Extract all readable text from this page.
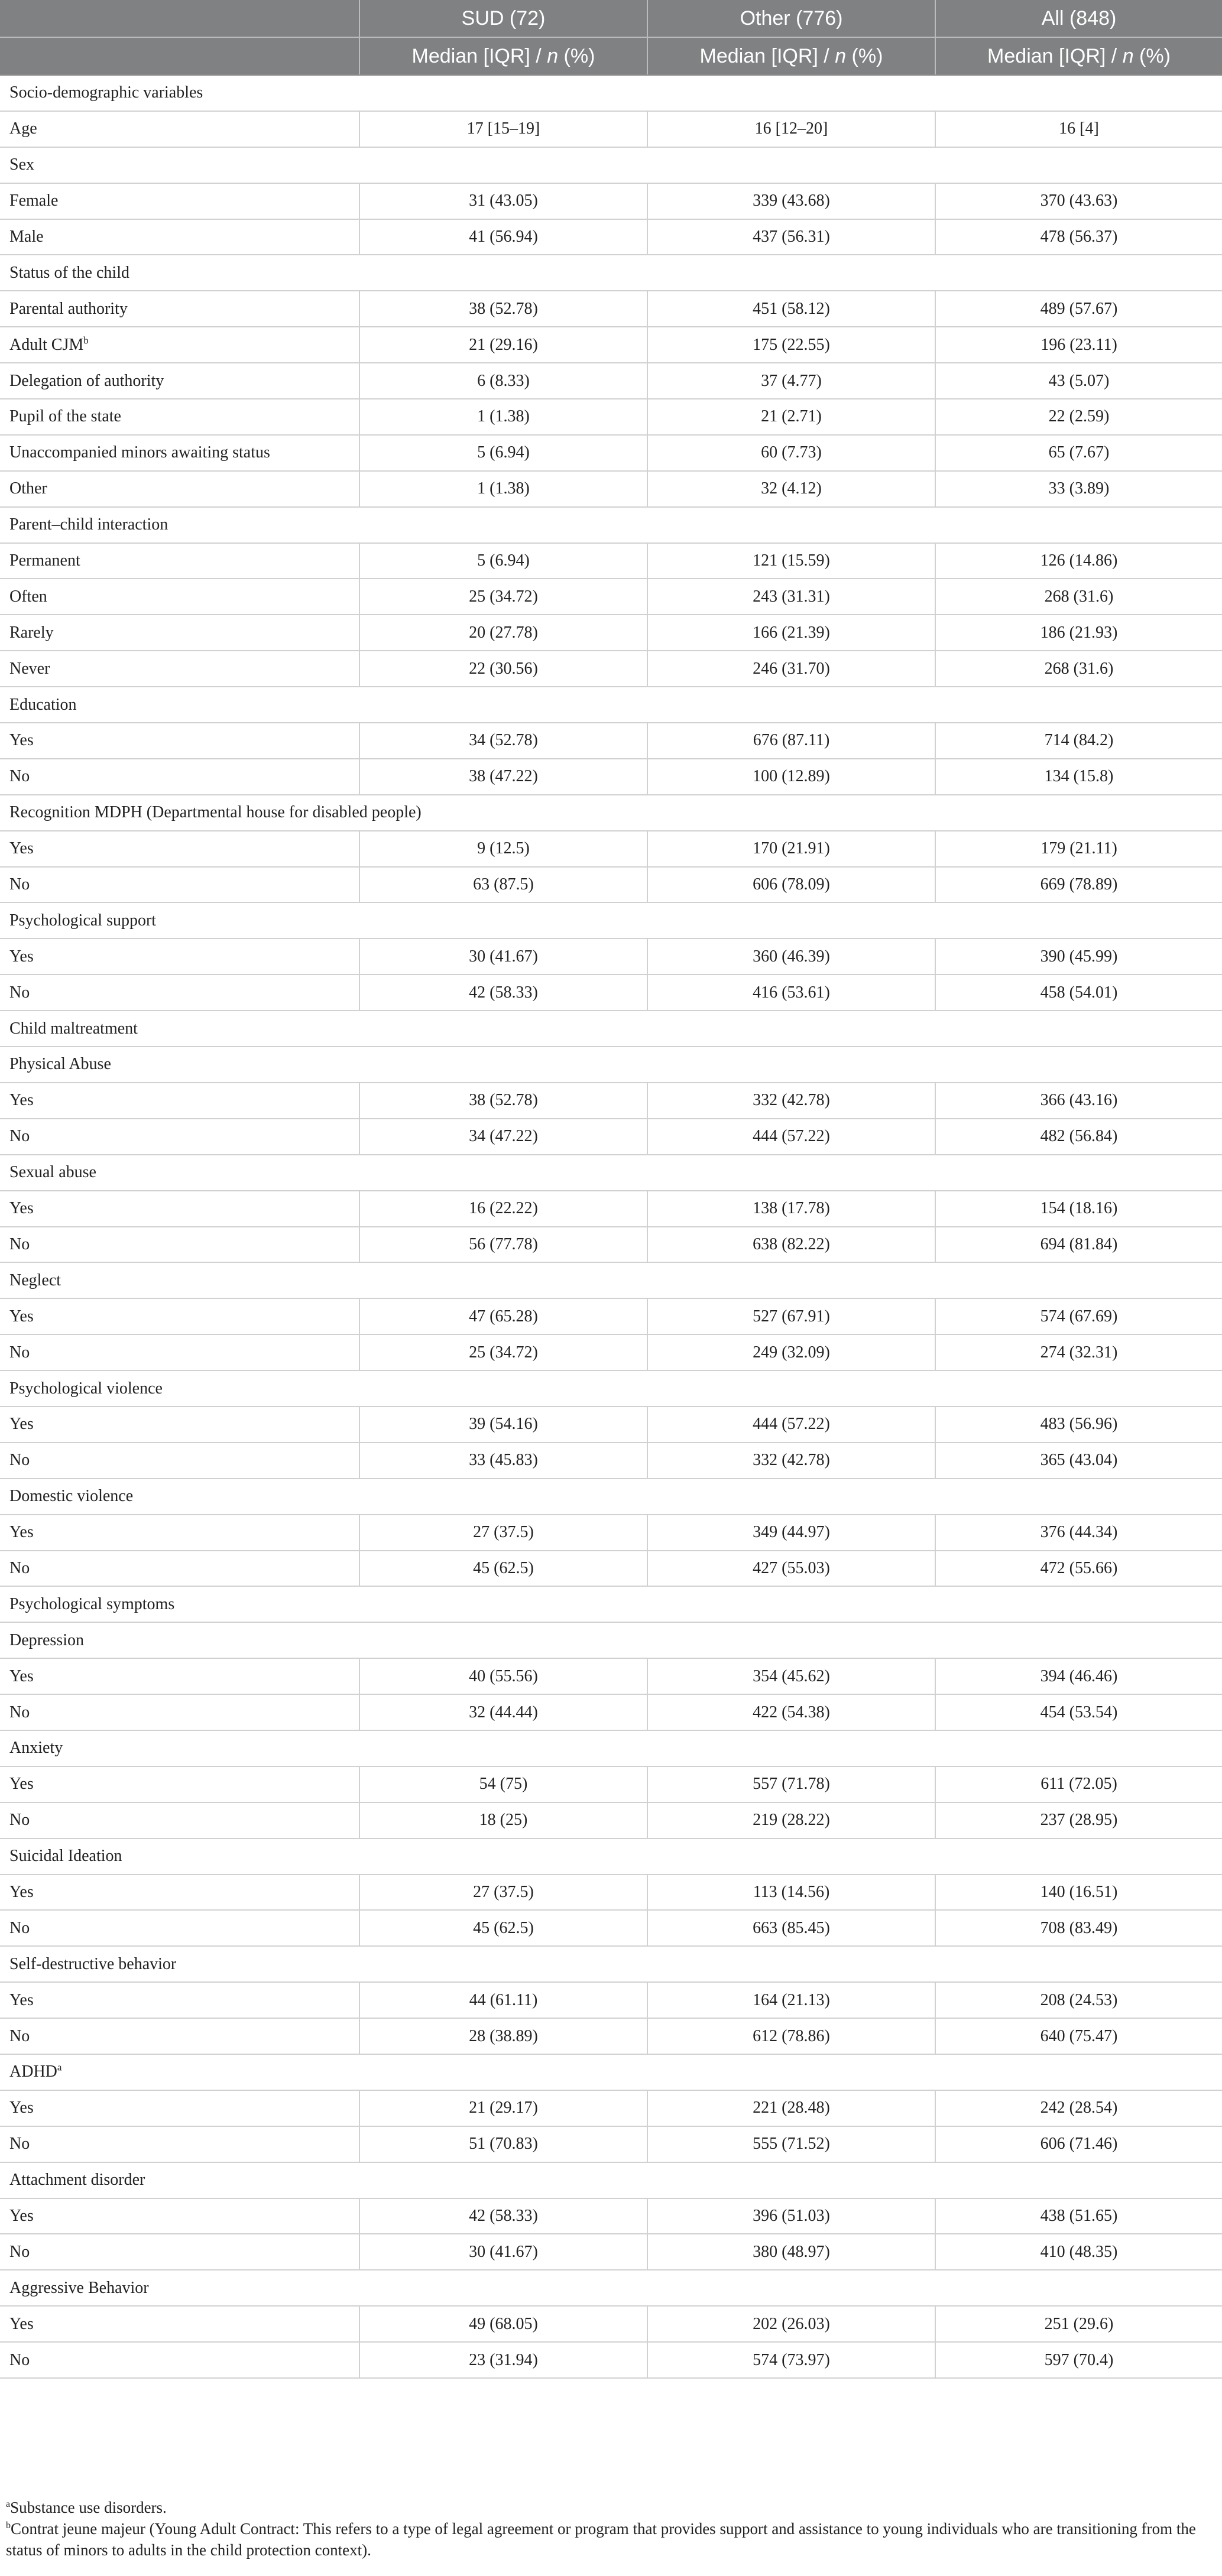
	SUD (72)	Other (776)	All (848)
	Median [IQR] / n (%)	Median [IQR] / n (%)	Median [IQR] / n (%)
Socio-demographic variables			
Age	17 [15–19]	16 [12–20]	16 [4]
Sex			
Female	31 (43.05)	339 (43.68)	370 (43.63)
Male	41 (56.94)	437 (56.31)	478 (56.37)
Status of the child			
Parental authority	38 (52.78)	451 (58.12)	489 (57.67)
Adult CJM$^b$	21 (29.16)	175 (22.55)	196 (23.11)
Delegation of authority	6 (8.33)	37 (4.77)	43 (5.07)
Pupil of the state	1 (1.38)	21 (2.71)	22 (2.59)
Unaccompanied minors awaiting status	5 (6.94)	60 (7.73)	65 (7.67)
Other	1 (1.38)	32 (4.12)	33 (3.89)
Parent–child interaction			
Permanent	5 (6.94)	121 (15.59)	126 (14.86)
Often	25 (34.72)	243 (31.31)	268 (31.6)
Rarely	20 (27.78)	166 (21.39)	186 (21.93)
Never	22 (30.56)	246 (31.70)	268 (31.6)
Education			
Yes	34 (52.78)	676 (87.11)	714 (84.2)
No	38 (47.22)	100 (12.89)	134 (15.8)
Recognition MDPH (Departmental house for disabled people)			
Yes	9 (12.5)	170 (21.91)	179 (21.11)
No	63 (87.5)	606 (78.09)	669 (78.89)
Psychological support			
Yes	30 (41.67)	360 (46.39)	390 (45.99)
No	42 (58.33)	416 (53.61)	458 (54.01)
Child maltreatment			
Physical Abuse			
Yes	38 (52.78)	332 (42.78)	366 (43.16)
No	34 (47.22)	444 (57.22)	482 (56.84)
Sexual abuse			
Yes	16 (22.22)	138 (17.78)	154 (18.16)
No	56 (77.78)	638 (82.22)	694 (81.84)
Neglect			
Yes	47 (65.28)	527 (67.91)	574 (67.69)
No	25 (34.72)	249 (32.09)	274 (32.31)
Psychological violence			
Yes	39 (54.16)	444 (57.22)	483 (56.96)
No	33 (45.83)	332 (42.78)	365 (43.04)
Domestic violence			
Yes	27 (37.5)	349 (44.97)	376 (44.34)
No	45 (62.5)	427 (55.03)	472 (55.66)
Psychological symptoms			
Depression			
Yes	40 (55.56)	354 (45.62)	394 (46.46)
No	32 (44.44)	422 (54.38)	454 (53.54)
Anxiety			
Yes	54 (75)	557 (71.78)	611 (72.05)
No	18 (25)	219 (28.22)	237 (28.95)
Suicidal Ideation			
Yes	27 (37.5)	113 (14.56)	140 (16.51)
No	45 (62.5)	663 (85.45)	708 (83.49)
Self-destructive behavior			
Yes	44 (61.11)	164 (21.13)	208 (24.53)
No	28 (38.89)	612 (78.86)	640 (75.47)
ADHD$^a$
Yes	21 (29.17)	221 (28.48)	242 (28.54)
No	51 (70.83)	555 (71.52)	606 (71.46)
Attachment disorder			
Yes	42 (58.33)	396 (51.03)	438 (51.65)
No	30 (41.67)	380 (48.97)	410 (48.35)
Aggressive Behavior			
Yes	49 (68.05)	202 (26.03)	251 (29.6)
No	23 (31.94)	574 (73.97)	597 (70.4)

$^a$Substance use disorders.

$^b$Contrat jeune majeur (Young Adult Contract: This refers to a type of legal agreement or program that provides support and assistance to young individuals who are transitioning from the status of minors to adults in the child protection context).
